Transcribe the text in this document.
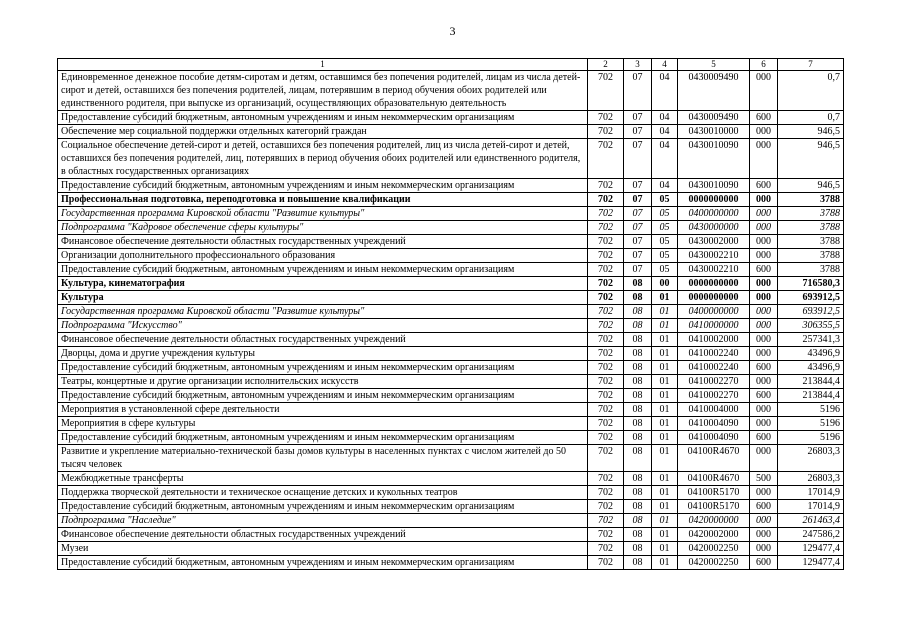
3
1	2	3	4	5	6	7
Единовременное денежное пособие детям-сиротам и детям, оставшимся без попечения родителей, лицам из числа детей-сирот и детей, оставшихся без попечения родителей, лицам, потерявшим в период обучения обоих родителей или единственного родителя, при выпуске из организаций, осуществляющих образовательную деятельность	702	07	04	0430009490	000	0,7
Предоставление субсидий бюджетным, автономным учреждениям и иным некоммерческим организациям	702	07	04	0430009490	600	0,7
Обеспечение мер социальной поддержки отдельных категорий граждан	702	07	04	0430010000	000	946,5
Социальное обеспечение детей-сирот и детей, оставшихся без попечения родителей, лиц из числа детей-сирот и детей, оставшихся без попечения родителей, лиц, потерявших в период обучения обоих родителей или единственного родителя, в областных государственных организациях	702	07	04	0430010090	000	946,5
Предоставление субсидий бюджетным, автономным учреждениям и иным некоммерческим организациям	702	07	04	0430010090	600	946,5
Профессиональная подготовка, переподготовка и повышение квалификации	702	07	05	0000000000	000	3788
Государственная программа Кировской области "Развитие культуры"	702	07	05	0400000000	000	3788
Подпрограмма "Кадровое обеспечение сферы культуры"	702	07	05	0430000000	000	3788
Финансовое обеспечение деятельности областных государственных учреждений	702	07	05	0430002000	000	3788
Организации дополнительного профессионального образования	702	07	05	0430002210	000	3788
Предоставление субсидий бюджетным, автономным учреждениям и иным некоммерческим организациям	702	07	05	0430002210	600	3788
Культура, кинематография	702	08	00	0000000000	000	716580,3
Культура	702	08	01	0000000000	000	693912,5
Государственная программа Кировской области "Развитие культуры"	702	08	01	0400000000	000	693912,5
Подпрограмма "Искусство"	702	08	01	0410000000	000	306355,5
Финансовое обеспечение деятельности областных государственных учреждений	702	08	01	0410002000	000	257341,3
Дворцы, дома и другие учреждения культуры	702	08	01	0410002240	000	43496,9
Предоставление субсидий бюджетным, автономным учреждениям и иным некоммерческим организациям	702	08	01	0410002240	600	43496,9
Театры, концертные и другие организации исполнительских искусств	702	08	01	0410002270	000	213844,4
Предоставление субсидий бюджетным, автономным учреждениям и иным некоммерческим организациям	702	08	01	0410002270	600	213844,4
Мероприятия в установленной сфере деятельности	702	08	01	0410004000	000	5196
Мероприятия в сфере культуры	702	08	01	0410004090	000	5196
Предоставление субсидий бюджетным, автономным учреждениям и иным некоммерческим организациям	702	08	01	0410004090	600	5196
Развитие и укрепление материально-технической базы домов культуры в населенных пунктах с числом жителей до 50 тысяч человек	702	08	01	04100R4670	000	26803,3
Межбюджетные трансферты	702	08	01	04100R4670	500	26803,3
Поддержка творческой деятельности и техническое оснащение детских и кукольных театров	702	08	01	04100R5170	000	17014,9
Предоставление субсидий бюджетным, автономным учреждениям и иным некоммерческим организациям	702	08	01	04100R5170	600	17014,9
Подпрограмма "Наследие"	702	08	01	0420000000	000	261463,4
Финансовое обеспечение деятельности областных государственных учреждений	702	08	01	0420002000	000	247586,2
Музеи	702	08	01	0420002250	000	129477,4
Предоставление субсидий бюджетным, автономным учреждениям и иным некоммерческим организациям	702	08	01	0420002250	600	129477,4
